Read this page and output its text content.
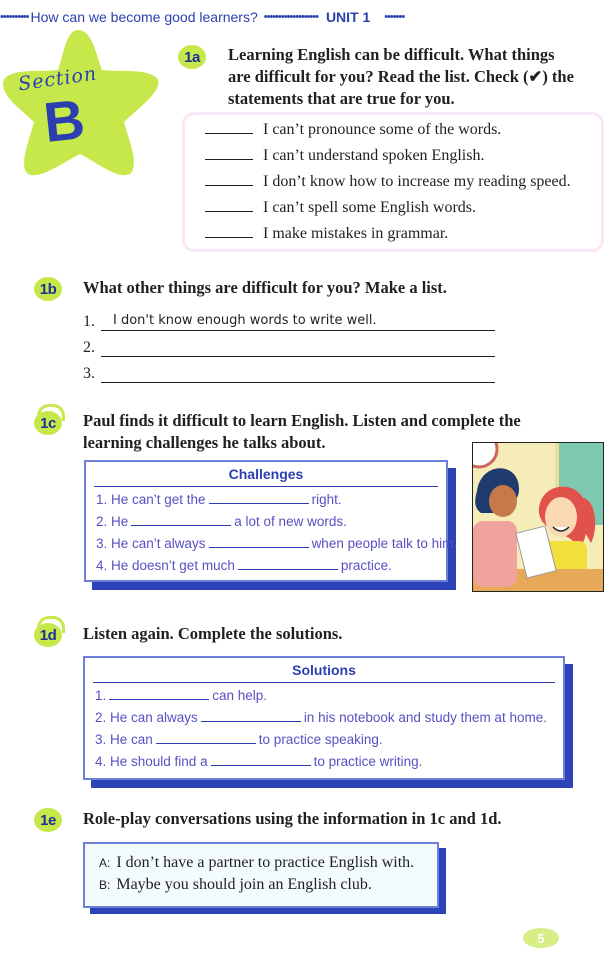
•••••••••• How can we become good learners? ••••••••••••••••••• UNIT 1 •••••••
Section
B
1a	Learning English can be difficult. What things
are difficult for you? Read the list. Check (✔) the
statements that are true for you.
I can’t pronounce some of the words.
I can’t understand spoken English.
I don’t know how to increase my reading speed.
I can’t spell some English words.
I make mistakes in grammar.
1b	What other things are difficult for you? Make a list.
1.	I don't know enough words to write well.
2.
3.
1c Paul finds it difficult to learn English. Listen and complete the
learning challenges he talks about.
Challenges
1. He can’t get the	right.
2. He	a lot of new words.
3. He can’t always	when people talk to him.
4. He doesn’t get much	practice.
1d Listen again. Complete the solutions.
Solutions
1.	can help.
2. He can always	in his notebook and study them at home.
3. He can	to practice speaking.
4. He should find a	to practice writing.
1e	Role-play conversations using the information in 1c and 1d.
A: I don’t have a partner to practice English with.
B: Maybe you should join an English club.
5
